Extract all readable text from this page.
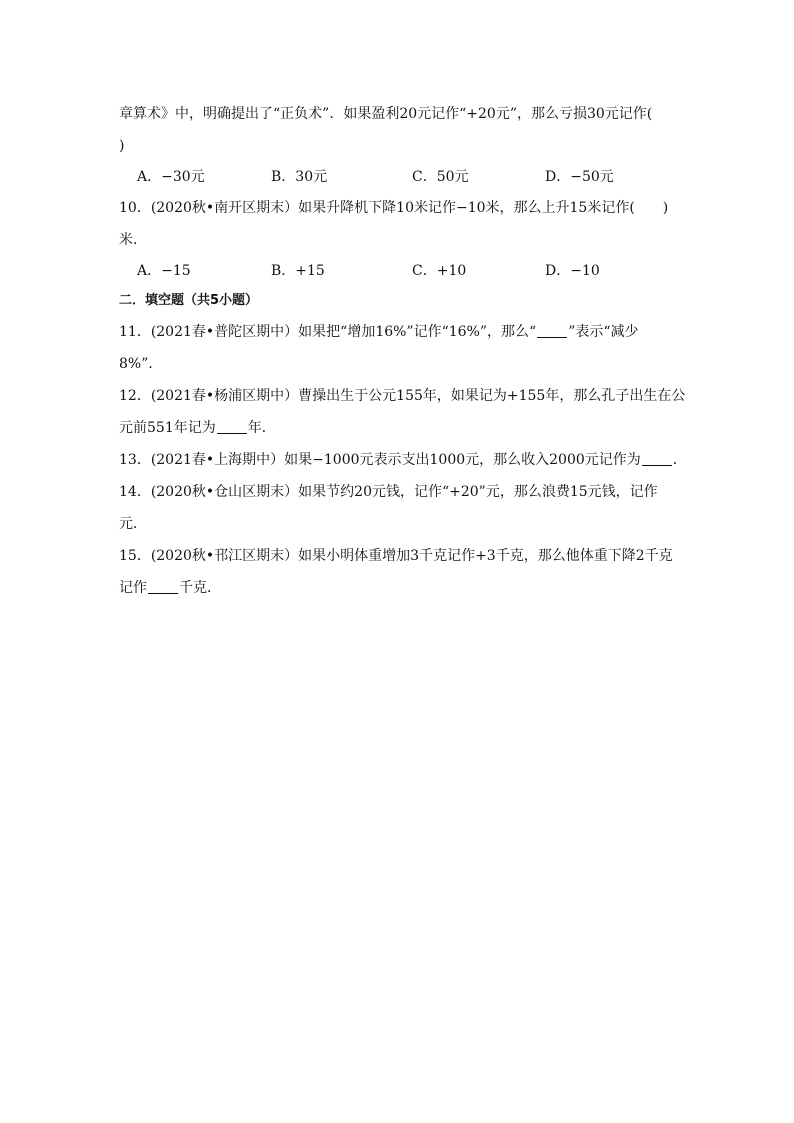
章算术》中，明确提出了“正负术”．如果盈利20元记作“+20元”，那么亏损30元记作(
)
A．−30元	B．30元	C．50元	D．−50元
10．(2020秋•南开区期末）如果升降机下降10米记作−10米，那么上升15米记作(　　)
米．
A．−15	B．+15	C．+10	D．−10
二．填空题（共5小题）
11．(2021春•普陀区期中）如果把“增加16%”记作“16%”，那么“ ”表示“减少
8%”．
12．(2021春•杨浦区期中）曹操出生于公元155年，如果记为+155年，那么孔子出生在公
元前551年记为 年．
13．(2021春•上海期中）如果−1000元表示支出1000元，那么收入2000元记作为 ．
14．(2020秋•仓山区期末）如果节约20元钱，记作“+20”元，那么浪费15元钱，记作
元．
15．(2020秋•邗江区期末）如果小明体重增加3千克记作+3千克，那么他体重下降2千克
记作 千克．
